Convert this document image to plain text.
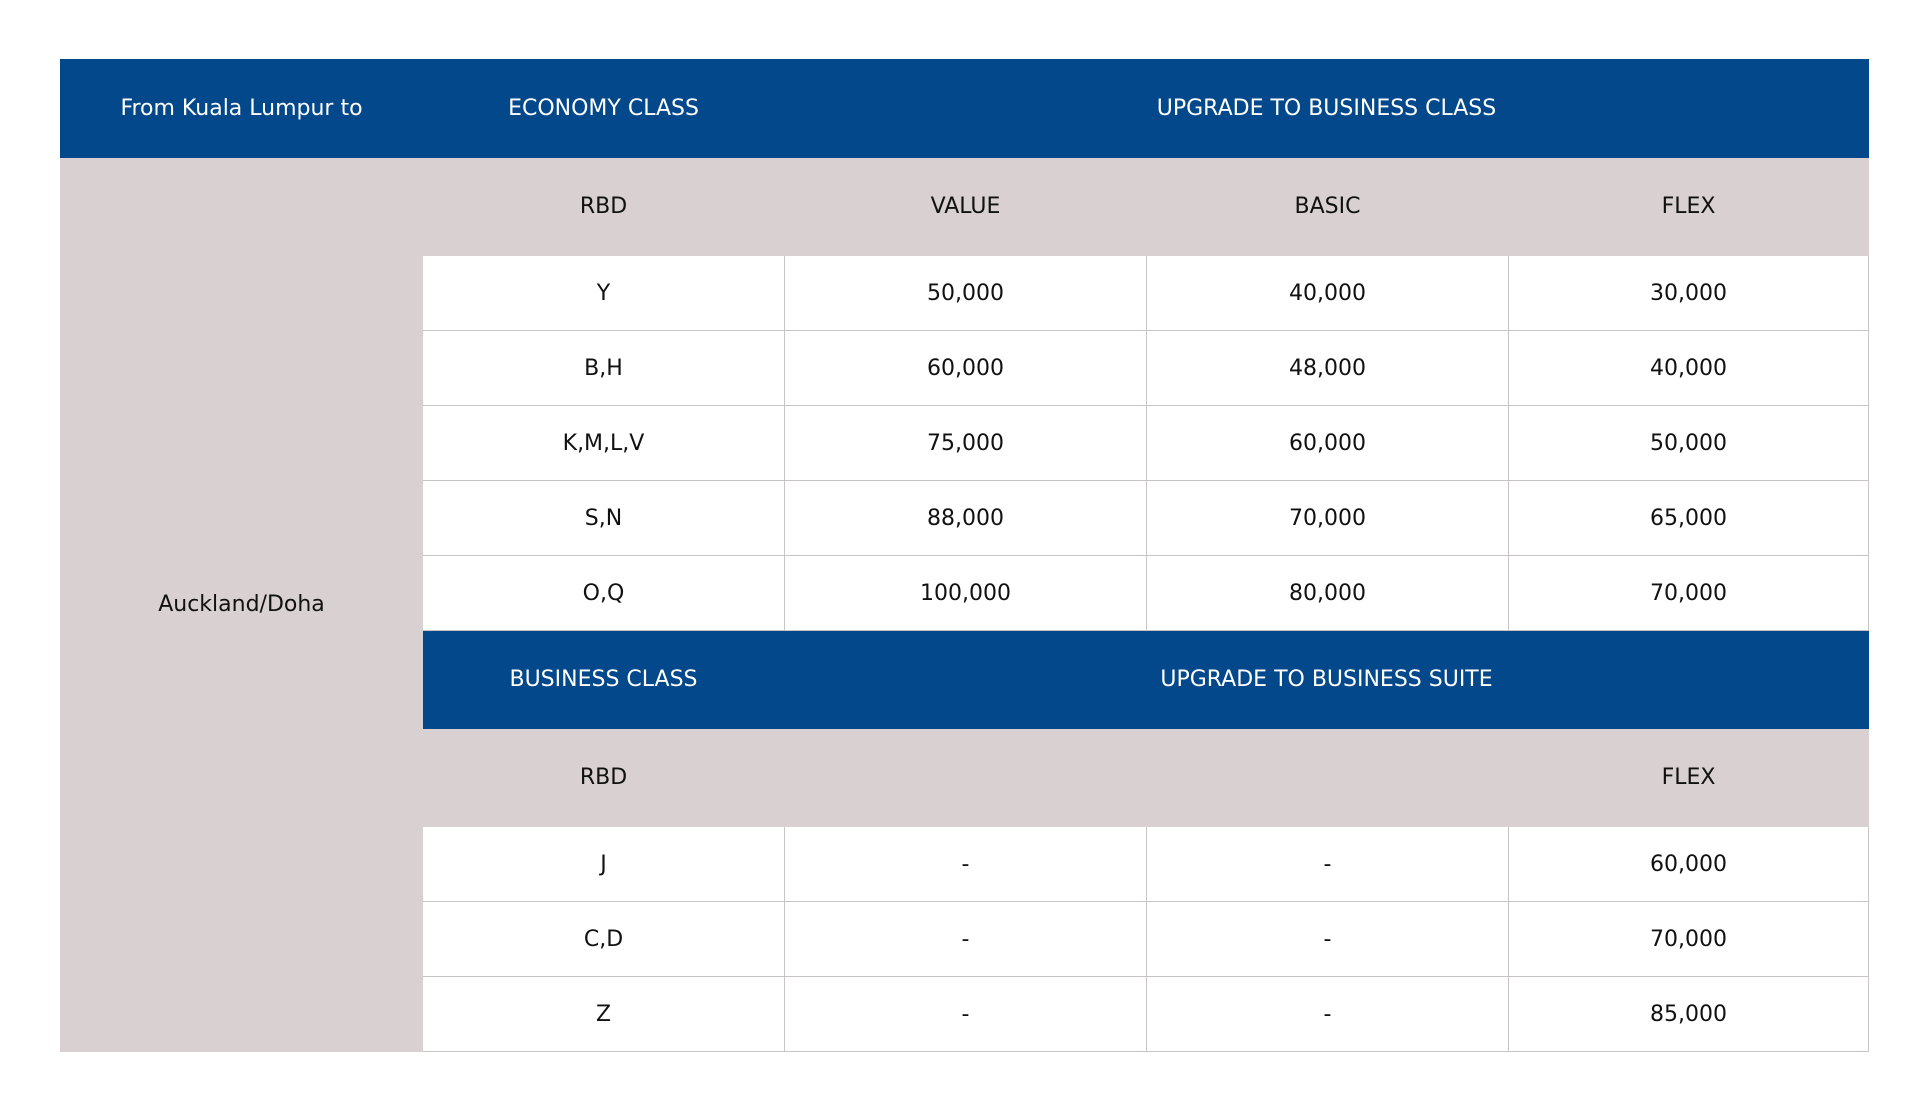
From Kuala Lumpur to	ECONOMY CLASS	UPGRADE TO BUSINESS CLASS		
Auckland/Doha	RBD	VALUE	BASIC	FLEX
	Y	50,000	40,000	30,000
	B,H	60,000	48,000	40,000
	K,M,L,V	75,000	60,000	50,000
	S,N	88,000	70,000	65,000
	O,Q	100,000	80,000	70,000
	BUSINESS CLASS	UPGRADE TO BUSINESS SUITE		
	RBD			FLEX
	J	-	-	60,000
	C,D	-	-	70,000
	Z	-	-	85,000
